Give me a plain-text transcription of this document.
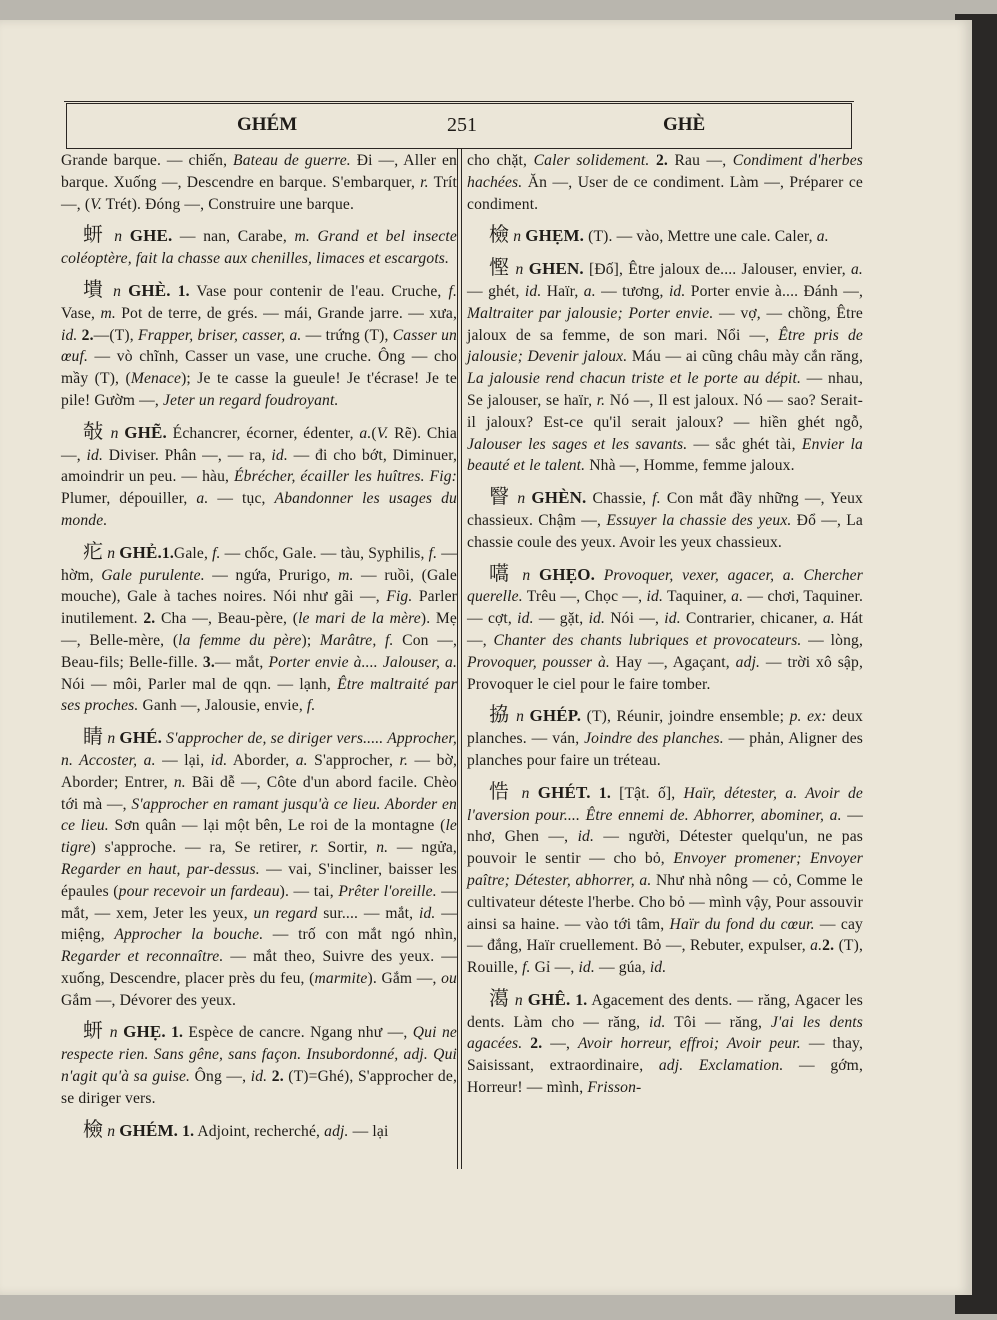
GHÉM	251	GHÈ

Grande barque. — chiến, Bateau de guerre. Đi —, Aller en barque. Xuống —, Descendre en barque. S'embarquer, r. Trít —, (V. Trét). Đóng —, Construire une barque.

蚈 n GHE. — nan, Carabe, m. Grand et bel insecte coléoptère, fait la chasse aux chenilles, limaces et escargots.

墤 n GHÈ. 1. Vase pour contenir de l'eau. Cruche, f. Vase, m. Pot de terre, de grés. — mái, Grande jarre. — xưa, id. 2.—(T), Frapper, briser, casser, a. — trứng (T), Casser un œuf. — vò chĩnh, Casser un vase, une cruche. Ông — cho mầy (T), (Menace); Je te casse la gueule! Je t'écrase! Je te pile! Gườm —, Jeter un regard foudroyant.

敧 n GHẼ. Échancrer, écorner, édenter, a.(V. Rẽ). Chia —, id. Diviser. Phân —, — ra, id. — đi cho bớt, Diminuer, amoindrir un peu. — hàu, Ébrécher, écailler les huîtres. Fig: Plumer, dépouiller, a. — tục, Abandonner les usages du monde.

疕 n GHẺ.1.Gale, f. — chốc, Gale. — tàu, Syphilis, f. — hờm, Gale purulente. — ngứa, Prurigo, m. — ruồi, (Gale mouche), Gale à taches noires. Nói như gãi —, Fig. Parler inutilement. 2. Cha —, Beau-père, (le mari de la mère). Mẹ —, Belle-mère, (la femme du père); Marâtre, f. Con —, Beau-fils; Belle-fille. 3.— mắt, Porter envie à.... Jalouser, a. Nói — môi, Parler mal de qqn. — lạnh, Être maltraité par ses proches. Ganh —, Jalousie, envie, f.

睛 n GHÉ. S'approcher de, se diriger vers..... Approcher, n. Accoster, a. — lại, id. Aborder, a. S'approcher, r. — bờ, Aborder; Entrer, n. Bãi dễ —, Côte d'un abord facile. Chèo tới mà —, S'approcher en ramant jusqu'à ce lieu. Aborder en ce lieu. Sơn quân — lại một bên, Le roi de la montagne (le tigre) s'approche. — ra, Se retirer, r. Sortir, n. — ngửa, Regarder en haut, par-dessus. — vai, S'incliner, baisser les épaules (pour recevoir un fardeau). — tai, Prêter l'oreille. — mắt, — xem, Jeter les yeux, un regard sur.... — mắt, id. — miệng, Approcher la bouche. — trố con mắt ngó nhìn, Regarder et reconnaître. — mắt theo, Suivre des yeux. — xuống, Descendre, placer près du feu, (marmite). Gắm —, ou Gắm —, Dévorer des yeux.

蚈 n GHẸ. 1. Espèce de cancre. Ngang như —, Qui ne respecte rien. Sans gêne, sans façon. Insubordonné, adj. Qui n'agit qu'à sa guise. Ông —, id. 2. (T)=Ghé), S'approcher de, se diriger vers.

檢 n GHÉM. 1. Adjoint, recherché, adj. — lại

cho chặt, Caler solidement. 2. Rau —, Condiment d'herbes hachées. Ăn —, User de ce condiment. Làm —, Préparer ce condiment.

檢 n GHẸM. (T). — vào, Mettre une cale. Caler, a.

慳 n GHEN. [Đố], Être jaloux de.... Jalouser, envier, a. — ghét, id. Haïr, a. — tương, id. Porter envie à.... Đánh —, Maltraiter par jalousie; Porter envie. — vợ, — chồng, Être jaloux de sa femme, de son mari. Nổi —, Être pris de jalousie; Devenir jaloux. Máu — ai cũng châu mày cắn răng, La jalousie rend chacun triste et le porte au dépit. — nhau, Se jalouser, se haïr, r. Nó —, Il est jaloux. Nó — sao? Serait-il jaloux? Est-ce qu'il serait jaloux? — hiền ghét ngỗ, Jalouser les sages et les savants. — sắc ghét tài, Envier la beauté et le talent. Nhà —, Homme, femme jaloux.

瞖 n GHÈN. Chassie, f. Con mắt đầy những —, Yeux chassieux. Chậm —, Essuyer la chassie des yeux. Đổ —, La chassie coule des yeux. Avoir les yeux chassieux.

嚆 n GHẸO. Provoquer, vexer, agacer, a. Chercher querelle. Trêu —, Chọc —, id. Taquiner, a. — chơi, Taquiner. — cợt, id. — gặt, id. Nói —, id. Contrarier, chicaner, a. Hát —, Chanter des chants lubriques et provocateurs. — lòng, Provoquer, pousser à. Hay —, Agaçant, adj. — trời xô sập, Provoquer le ciel pour le faire tomber.

拹 n GHÉP. (T), Réunir, joindre ensemble; p. ex: deux planches. — ván, Joindre des planches. — phản, Aligner des planches pour faire un tréteau.

悎 n GHÉT. 1. [Tật. ố], Haïr, détester, a. Avoir de l'aversion pour.... Être ennemi de. Abhorrer, abominer, a. — nhơ, Ghen —, id. — người, Détester quelqu'un, ne pas pouvoir le sentir — cho bỏ, Envoyer promener; Envoyer paître; Détester, abhorrer, a. Như nhà nông — cỏ, Comme le cultivateur déteste l'herbe. Cho bỏ — mình vậy, Pour assouvir ainsi sa haine. — vào tới tâm, Haïr du fond du cœur. — cay — đắng, Haïr cruellement. Bỏ —, Rebuter, expulser, a.2. (T), Rouille, f. Gỉ —, id. — gúa, id.

㵧 n GHÊ. 1. Agacement des dents. — răng, Agacer les dents. Làm cho — răng, id. Tôi — răng, J'ai les dents agacées. 2. —, Avoir horreur, effroi; Avoir peur. — thay, Saisissant, extraordinaire, adj. Exclamation. — gớm, Horreur! — mình, Frisson-
